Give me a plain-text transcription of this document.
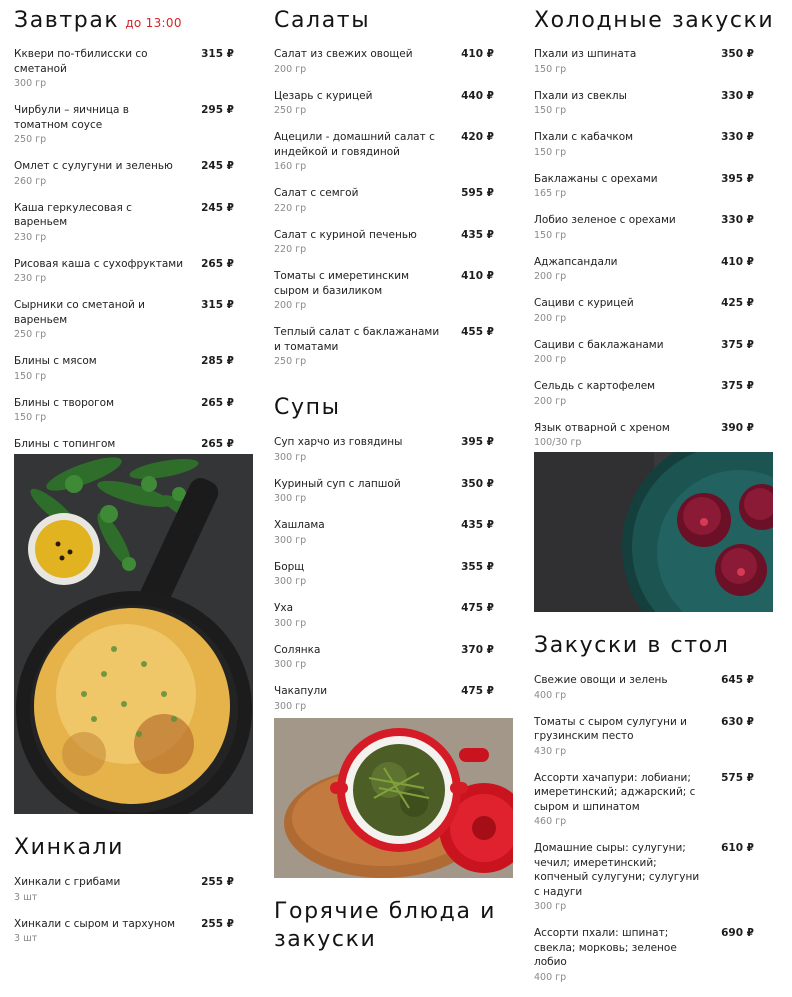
Завтрак до 13:00
Кквери по-тбилисски со сметаной
315 ₽
300 гр
Чирбули – яичница в томатном соусе
295 ₽
250 гр
Омлет с сулугуни и зеленью	245 ₽
260 гр
Каша геркулесовая с вареньем
245 ₽
230 гр
Рисовая каша с сухофруктами	265 ₽
230 гр
Сырники со сметаной и вареньем
315 ₽
250 гр
Блины с мясом	285 ₽
150 гр
Блины с творогом	265 ₽
150 гр
Блины с топингом	265 ₽
Хинкали
Хинкали с грибами	255 ₽
3 шт
Хинкали с сыром и тархуном	255 ₽
3 шт
Салаты
Салат из свежих овощей	410 ₽
200 гр
Цезарь с курицей	440 ₽
250 гр
Ацецили - домашний салат с индейкой и говядиной
420 ₽
160 гр
Салат с семгой	595 ₽
220 гр
Салат с куриной печенью	435 ₽
220 гр
Томаты с имеретинским сыром и базиликом
410 ₽
200 гр
Теплый салат с баклажанами и томатами
455 ₽
250 гр
Супы
Суп харчо из говядины	395 ₽
300 гр
Куриный суп с лапшой	350 ₽
300 гр
Хашлама	435 ₽
300 гр
Борщ	355 ₽
300 гр
Уха	475 ₽
300 гр
Солянка	370 ₽
300 гр
Чакапули	475 ₽
300 гр
Горячие блюда и закуски
Холодные закуски
Пхали из шпината	350 ₽
150 гр
Пхали из свеклы	330 ₽
150 гр
Пхали с кабачком	330 ₽
150 гр
Баклажаны с орехами	395 ₽
165 гр
Лобио зеленое с орехами	330 ₽
150 гр
Аджапсандали	410 ₽
200 гр
Сациви с курицей	425 ₽
200 гр
Сациви с баклажанами	375 ₽
200 гр
Сельдь с картофелем	375 ₽
200 гр
Язык отварной с хреном	390 ₽
100/30 гр
Закуски в стол
Свежие овощи и зелень	645 ₽
400 гр
Томаты с сыром сулугуни и грузинским песто
630 ₽
430 гр
Ассорти хачапури: лобиани; имеретинский; аджарский; с сыром и шпинатом
575 ₽
460 гр
Домашние сыры: сулугуни; чечил; имеретинский; копченый сулугуни; сулугуни с надуги
610 ₽
300 гр
Ассорти пхали: шпинат; свекла; морковь; зеленое лобио
690 ₽
400 гр
